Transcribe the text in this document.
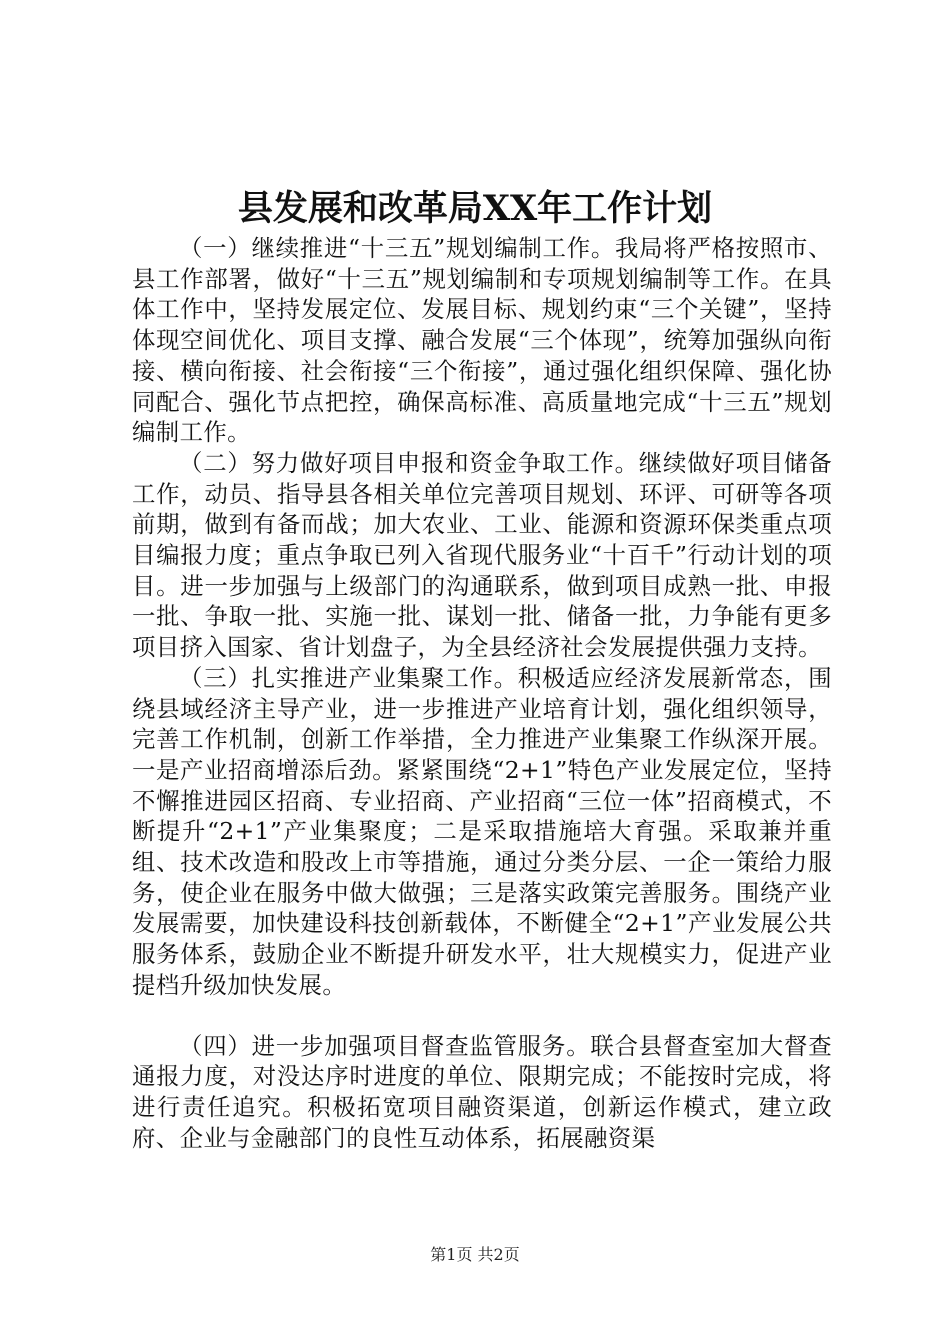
县发展和改革局XX年工作计划

（一）继续推进“十三五”规划编制工作。我局将严格按照市、县工作部署，做好“十三五”规划编制和专项规划编制等工作。在具体工作中，坚持发展定位、发展目标、规划约束“三个关键”，坚持体现空间优化、项目支撑、融合发展“三个体现”，统筹加强纵向衔接、横向衔接、社会衔接“三个衔接”，通过强化组织保障、强化协同配合、强化节点把控，确保高标准、高质量地完成“十三五”规划编制工作。

（二）努力做好项目申报和资金争取工作。继续做好项目储备工作，动员、指导县各相关单位完善项目规划、环评、可研等各项前期，做到有备而战；加大农业、工业、能源和资源环保类重点项目编报力度；重点争取已列入省现代服务业“十百千”行动计划的项目。进一步加强与上级部门的沟通联系，做到项目成熟一批、申报一批、争取一批、实施一批、谋划一批、储备一批，力争能有更多项目挤入国家、省计划盘子，为全县经济社会发展提供强力支持。

（三）扎实推进产业集聚工作。积极适应经济发展新常态，围绕县域经济主导产业，进一步推进产业培育计划，强化组织领导，完善工作机制，创新工作举措，全力推进产业集聚工作纵深开展。一是产业招商增添后劲。紧紧围绕“2+1”特色产业发展定位，坚持不懈推进园区招商、专业招商、产业招商“三位一体”招商模式，不断提升“2+1”产业集聚度；二是采取措施培大育强。采取兼并重组、技术改造和股改上市等措施，通过分类分层、一企一策给力服务，使企业在服务中做大做强；三是落实政策完善服务。围绕产业发展需要，加快建设科技创新载体，不断健全“2+1”产业发展公共服务体系，鼓励企业不断提升研发水平，壮大规模实力，促进产业提档升级加快发展。

（四）进一步加强项目督查监管服务。联合县督查室加大督查通报力度，对没达序时进度的单位、限期完成；不能按时完成，将进行责任追究。积极拓宽项目融资渠道，创新运作模式，建立政府、企业与金融部门的良性互动体系，拓展融资渠

第1页 共2页
